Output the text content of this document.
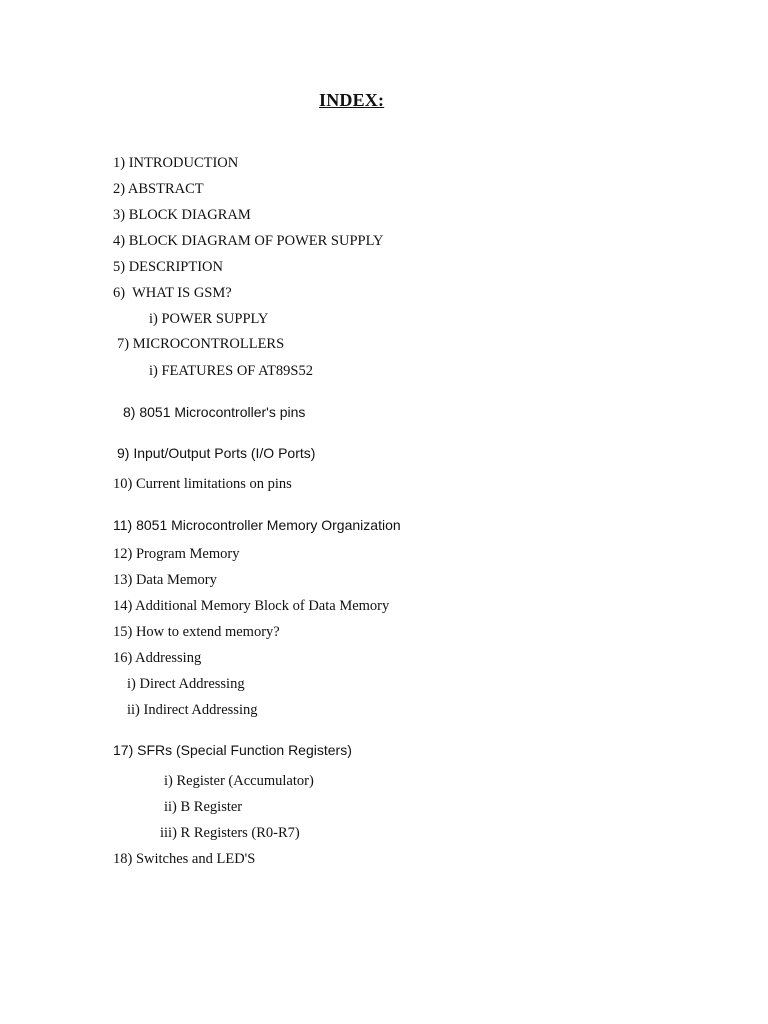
INDEX:
1) INTRODUCTION
2) ABSTRACT
3) BLOCK DIAGRAM
4) BLOCK DIAGRAM OF POWER SUPPLY
5) DESCRIPTION
6)  WHAT IS GSM?
i) POWER SUPPLY
7) MICROCONTROLLERS
i) FEATURES OF AT89S52
8) 8051 Microcontroller's pins
9) Input/Output Ports (I/O Ports)
10) Current limitations on pins
11) 8051 Microcontroller Memory Organization
12) Program Memory
13) Data Memory
14) Additional Memory Block of Data Memory
15) How to extend memory?
16) Addressing
i) Direct Addressing
ii) Indirect Addressing
17) SFRs (Special Function Registers)
i) Register (Accumulator)
ii) B Register
iii) R Registers (R0-R7)
18) Switches and LED'S
